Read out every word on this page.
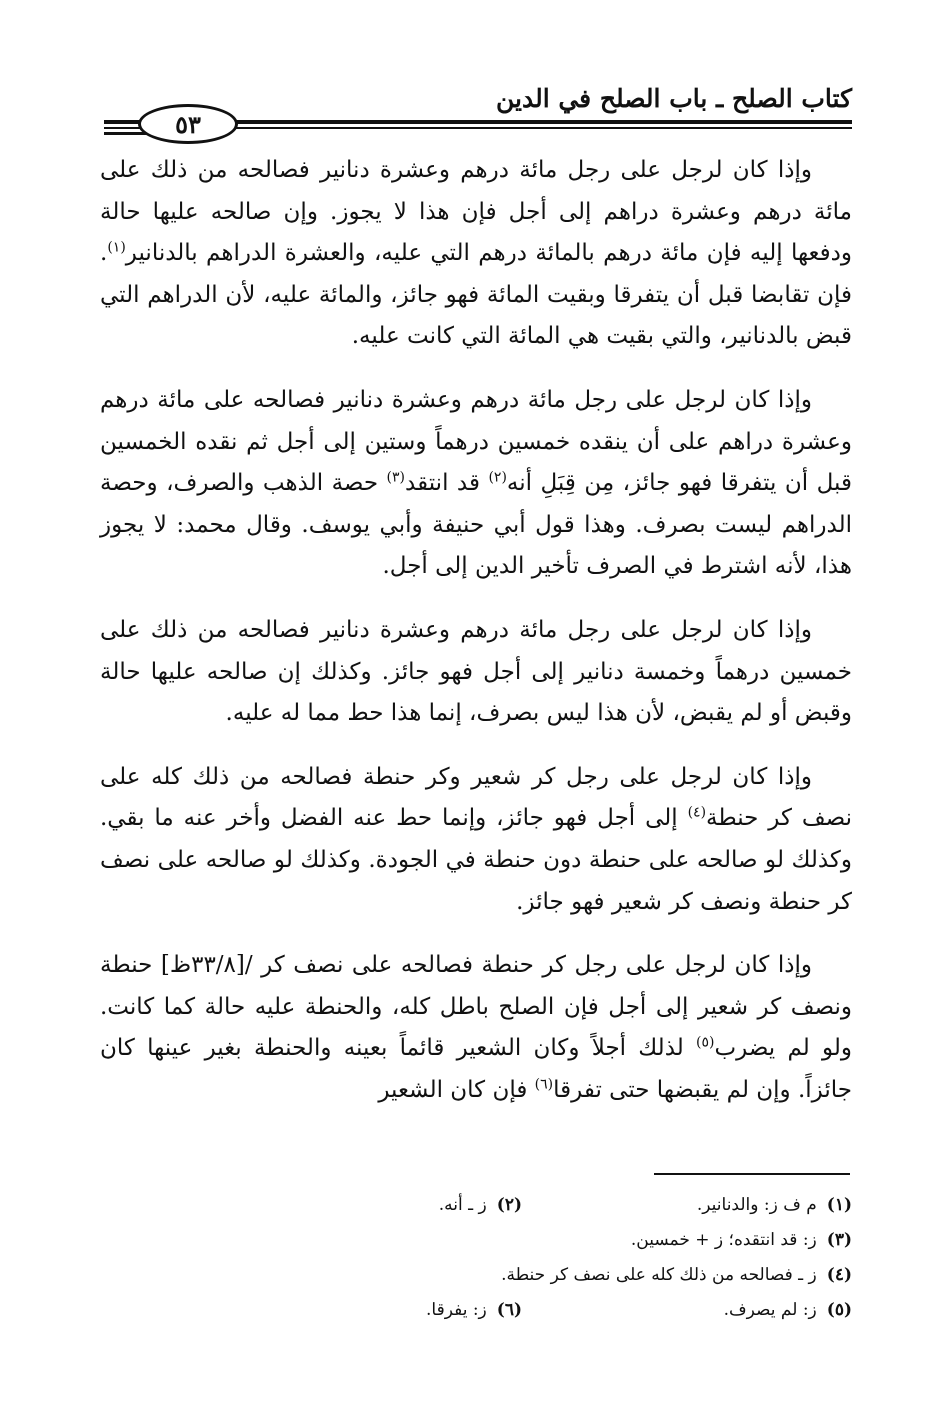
كتاب الصلح ـ باب الصلح في الدين
٥٣

وإذا كان لرجل على رجل مائة درهم وعشرة دنانير فصالحه من ذلك على مائة درهم وعشرة دراهم إلى أجل فإن هذا لا يجوز. وإن صالحه عليها حالة ودفعها إليه فإن مائة درهم بالمائة درهم التي عليه، والعشرة الدراهم بالدنانير$^{(١)}$. فإن تقابضا قبل أن يتفرقا وبقيت المائة فهو جائز، والمائة عليه، لأن الدراهم التي قبض بالدنانير، والتي بقيت هي المائة التي كانت عليه.

وإذا كان لرجل على رجل مائة درهم وعشرة دنانير فصالحه على مائة درهم وعشرة دراهم على أن ينقده خمسين درهماً وستين إلى أجل ثم نقده الخمسين قبل أن يتفرقا فهو جائز، مِن قِبَلِ أنه$^{(٢)}$ قد انتقد$^{(٣)}$ حصة الذهب والصرف، وحصة الدراهم ليست بصرف. وهذا قول أبي حنيفة وأبي يوسف. وقال محمد: لا يجوز هذا، لأنه اشترط في الصرف تأخير الدين إلى أجل.

وإذا كان لرجل على رجل مائة درهم وعشرة دنانير فصالحه من ذلك على خمسين درهماً وخمسة دنانير إلى أجل فهو جائز. وكذلك إن صالحه عليها حالة وقبض أو لم يقبض، لأن هذا ليس بصرف، إنما هذا حط مما له عليه.

وإذا كان لرجل على رجل كر شعير وكر حنطة فصالحه من ذلك كله على نصف كر حنطة$^{(٤)}$ إلى أجل فهو جائز، وإنما حط عنه الفضل وأخر عنه ما بقي. وكذلك لو صالحه على حنطة دون حنطة في الجودة. وكذلك لو صالحه على نصف كر حنطة ونصف كر شعير فهو جائز.

وإذا كان لرجل على رجل كر حنطة فصالحه على نصف كر /[٣٣/٨ظ] حنطة ونصف كر شعير إلى أجل فإن الصلح باطل كله، والحنطة عليه حالة كما كانت. ولو لم يضرب$^{(٥)}$ لذلك أجلاً وكان الشعير قائماً بعينه والحنطة بغير عينها كان جائزاً. وإن لم يقبضها حتى تفرقا$^{(٦)}$ فإن كان الشعير

(١)م ف ز: والدنانير.
(٢)ز ـ أنه.
(٣)ز: قد انتقده؛ ز + خمسين.
(٤)ز ـ فصالحه من ذلك كله على نصف كر حنطة.
(٥)ز: لم يصرف.
(٦)ز: يفرقا.
